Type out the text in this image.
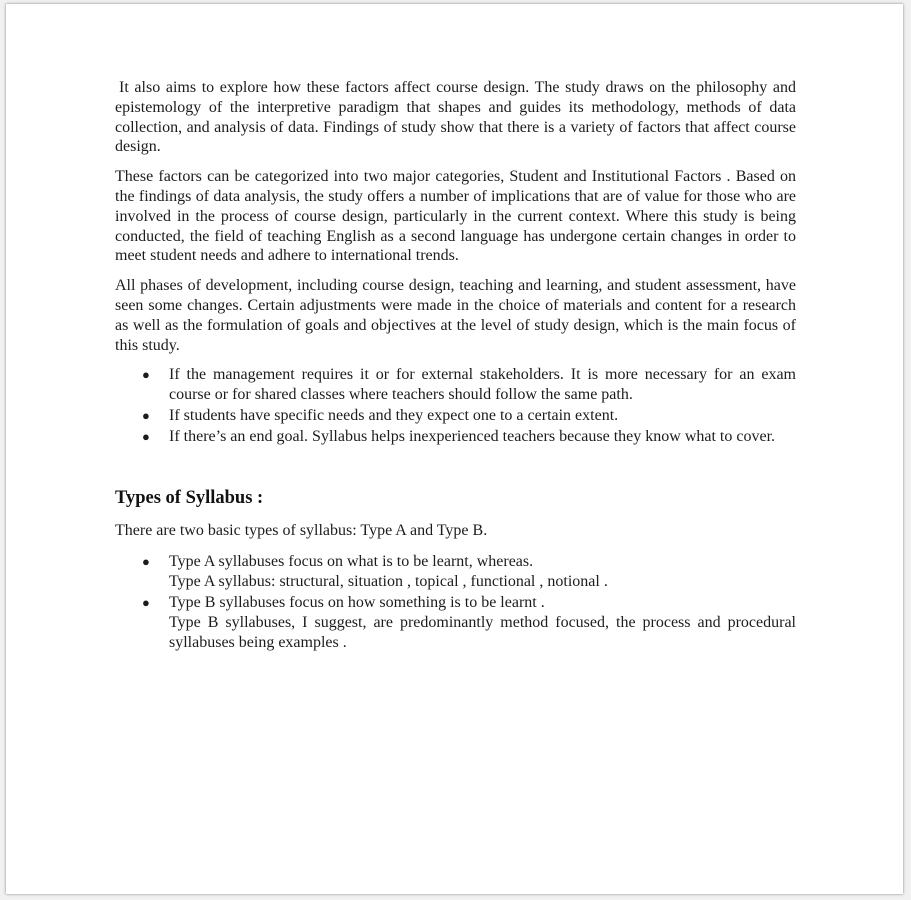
It also aims to explore how these factors affect course design. The study draws on the philosophy and epistemology of the interpretive paradigm that shapes and guides its methodology, methods of data collection, and analysis of data. Findings of study show that there is a variety of factors that affect course design.

These factors can be categorized into two major categories, Student and Institutional Factors . Based on the findings of data analysis, the study offers a number of implications that are of value for those who are involved in the process of course design, particularly in the current context. Where this study is being conducted, the field of teaching English as a second language has undergone certain changes in order to meet student needs and adhere to international trends.

All phases of development, including course design, teaching and learning, and student assessment, have seen some changes. Certain adjustments were made in the choice of materials and content for a research as well as the formulation of goals and objectives at the level of study design, which is the main focus of this study.

● If the management requires it or for external stakeholders. It is more necessary for an exam course or for shared classes where teachers should follow the same path.
● If students have specific needs and they expect one to a certain extent.
● If there’s an end goal. Syllabus helps inexperienced teachers because they know what to cover.
Types of Syllabus :

There are two basic types of syllabus: Type A and Type B.

● Type A syllabuses focus on what is to be learnt, whereas.
Type A syllabus: structural, situation , topical , functional , notional .
● Type B syllabuses focus on how something is to be learnt .
Type B syllabuses, I suggest, are predominantly method focused, the process and procedural syllabuses being examples .
